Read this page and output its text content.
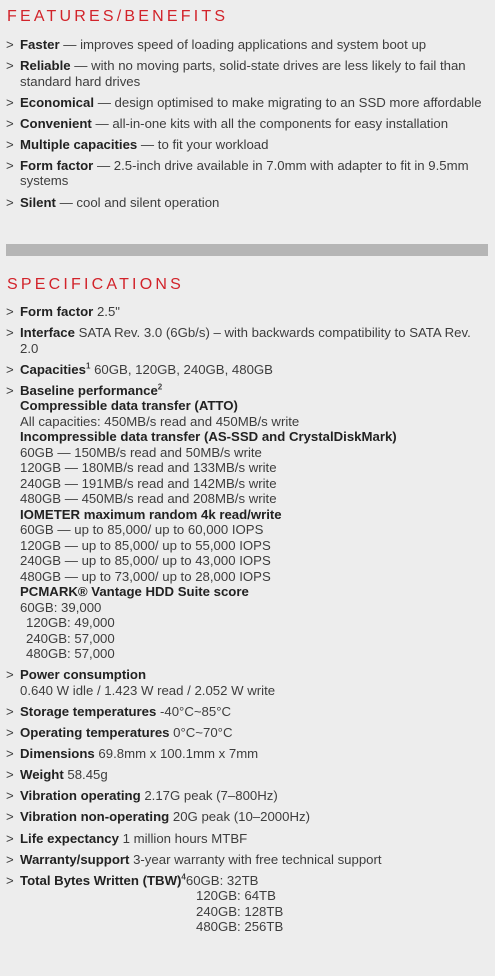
FEATURES/BENEFITS
> Faster — improves speed of loading applications and system boot up
> Reliable — with no moving parts, solid-state drives are less likely to fail than standard hard drives
> Economical — design optimised to make migrating to an SSD more affordable
> Convenient — all-in-one kits with all the components for easy installation
> Multiple capacities — to fit your workload
> Form factor — 2.5-inch drive available in 7.0mm with adapter to fit in 9.5mm systems
> Silent — cool and silent operation
SPECIFICATIONS
> Form factor 2.5"
> Interface SATA Rev. 3.0 (6Gb/s) – with backwards compatibility to SATA Rev. 2.0
> Capacities$^1$ 60GB, 120GB, 240GB, 480GB
> Baseline performance$^2$
Compressible data transfer (ATTO)
All capacities: 450MB/s read and 450MB/s write
Incompressible data transfer (AS-SSD and CrystalDiskMark)
60GB — 150MB/s read and 50MB/s write
120GB — 180MB/s read and 133MB/s write
240GB — 191MB/s read and 142MB/s write
480GB — 450MB/s read and 208MB/s write
IOMETER maximum random 4k read/write
60GB — up to 85,000/ up to 60,000 IOPS
120GB — up to 85,000/ up to 55,000 IOPS
240GB — up to 85,000/ up to 43,000 IOPS
480GB — up to 73,000/ up to 28,000 IOPS
PCMARK® Vantage HDD Suite score
60GB: 39,000
120GB: 49,000
240GB: 57,000
480GB: 57,000
> Power consumption
0.640 W idle / 1.423 W read / 2.052 W write
> Storage temperatures -40°C~85°C
> Operating temperatures 0°C~70°C
> Dimensions 69.8mm x 100.1mm x 7mm
> Weight 58.45g
> Vibration operating 2.17G peak (7–800Hz)
> Vibration non-operating 20G peak (10–2000Hz)
> Life expectancy 1 million hours MTBF
> Warranty/support 3-year warranty with free technical support
> Total Bytes Written (TBW)$^4$60GB: 32TB
120GB: 64TB
240GB: 128TB
480GB: 256TB
